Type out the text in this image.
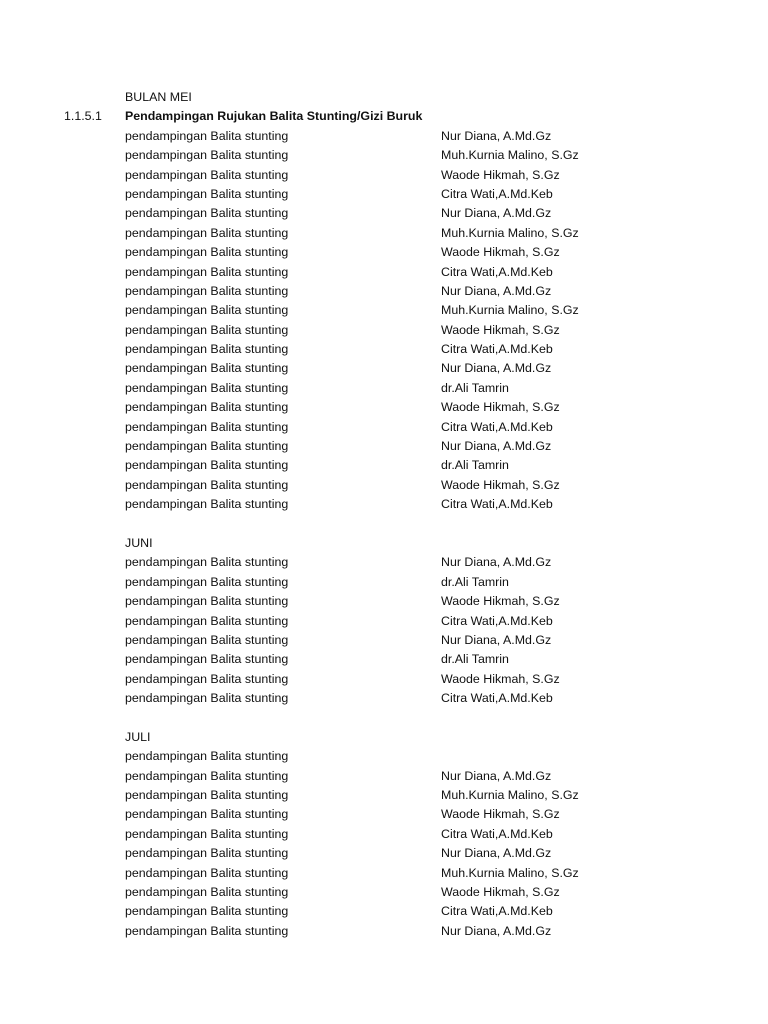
BULAN MEI
1.1.5.1 Pendampingan Rujukan Balita Stunting/Gizi Buruk
pendampingan Balita stunting	Nur Diana, A.Md.Gz
pendampingan Balita stunting	Muh.Kurnia Malino, S.Gz
pendampingan Balita stunting	Waode Hikmah, S.Gz
pendampingan Balita stunting	Citra Wati,A.Md.Keb
pendampingan Balita stunting	Nur Diana, A.Md.Gz
pendampingan Balita stunting	Muh.Kurnia Malino, S.Gz
pendampingan Balita stunting	Waode Hikmah, S.Gz
pendampingan Balita stunting	Citra Wati,A.Md.Keb
pendampingan Balita stunting	Nur Diana, A.Md.Gz
pendampingan Balita stunting	Muh.Kurnia Malino, S.Gz
pendampingan Balita stunting	Waode Hikmah, S.Gz
pendampingan Balita stunting	Citra Wati,A.Md.Keb
pendampingan Balita stunting	Nur Diana, A.Md.Gz
pendampingan Balita stunting	dr.Ali Tamrin
pendampingan Balita stunting	Waode Hikmah, S.Gz
pendampingan Balita stunting	Citra Wati,A.Md.Keb
pendampingan Balita stunting	Nur Diana, A.Md.Gz
pendampingan Balita stunting	dr.Ali Tamrin
pendampingan Balita stunting	Waode Hikmah, S.Gz
pendampingan Balita stunting	Citra Wati,A.Md.Keb
JUNI
pendampingan Balita stunting	Nur Diana, A.Md.Gz
pendampingan Balita stunting	dr.Ali Tamrin
pendampingan Balita stunting	Waode Hikmah, S.Gz
pendampingan Balita stunting	Citra Wati,A.Md.Keb
pendampingan Balita stunting	Nur Diana, A.Md.Gz
pendampingan Balita stunting	dr.Ali Tamrin
pendampingan Balita stunting	Waode Hikmah, S.Gz
pendampingan Balita stunting	Citra Wati,A.Md.Keb
JULI
pendampingan Balita stunting
pendampingan Balita stunting	Nur Diana, A.Md.Gz
pendampingan Balita stunting	Muh.Kurnia Malino, S.Gz
pendampingan Balita stunting	Waode Hikmah, S.Gz
pendampingan Balita stunting	Citra Wati,A.Md.Keb
pendampingan Balita stunting	Nur Diana, A.Md.Gz
pendampingan Balita stunting	Muh.Kurnia Malino, S.Gz
pendampingan Balita stunting	Waode Hikmah, S.Gz
pendampingan Balita stunting	Citra Wati,A.Md.Keb
pendampingan Balita stunting	Nur Diana, A.Md.Gz
